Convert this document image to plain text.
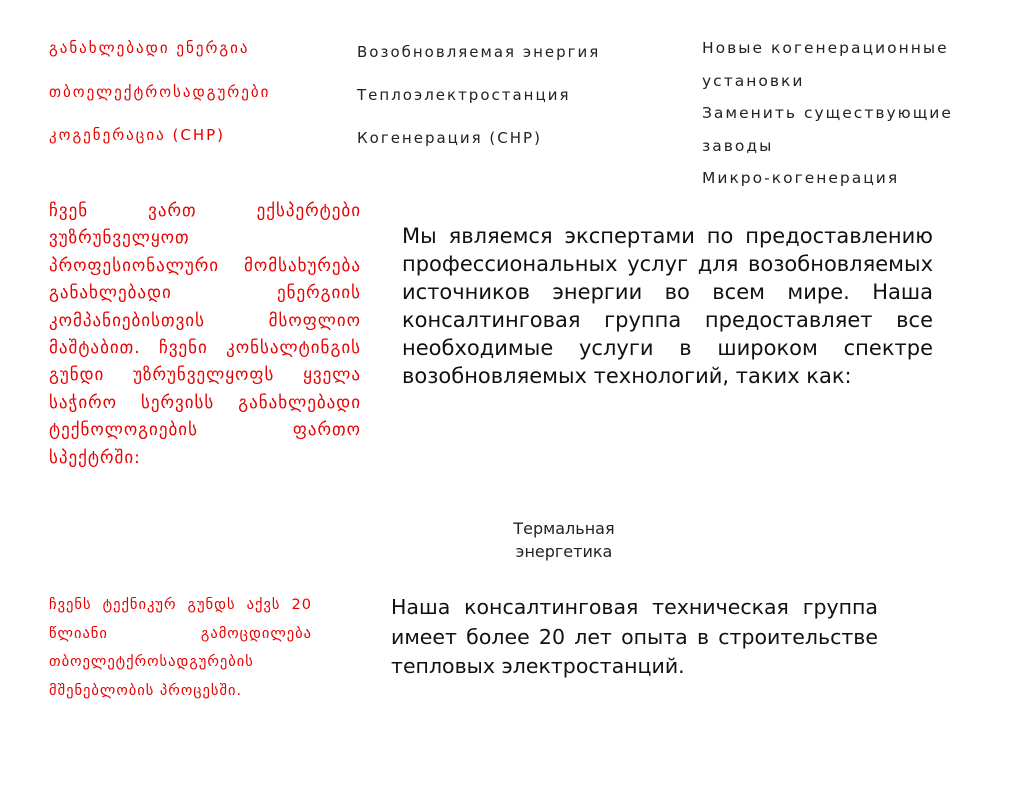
განახლებადი ენერგია
თბოელექტროსადგურები
კოგენერაცია (CHP)
Возобновляемая энергия
Теплоэлектростанция
Когенерация (CHP)
Новые когенерационные
установки
Заменить существующие
заводы
Микро-когенерация

ჩვენ ვართ ექსპერტები ვუზრუნველყოთ პროფესიონალური მომსახურება განახლებადი ენერგიის კომპანიებისთვის მსოფლიო მაშტაბით. ჩვენი კონსალტინგის გუნდი უზრუნველყოფს ყველა საჭირო სერვისს განახლებადი ტექნოლოგიების ფართო სპექტრში:

Мы являемся экспертами по предоставлению профессиональных услуг для возобновляемых источников энергии во всем мире. Наша консалтинговая группа предоставляет все необходимые услуги в широком спектре возобновляемых технологий, таких как:

Термальная
энергетика

ჩვენს ტექნიკურ გუნდს აქვს 20 წლიანი გამოცდილება თბოელეტქროსადგურების მშენებლობის პროცესში.

Наша консалтинговая техническая группа имеет более 20 лет опыта в строительстве тепловых электростанций.
